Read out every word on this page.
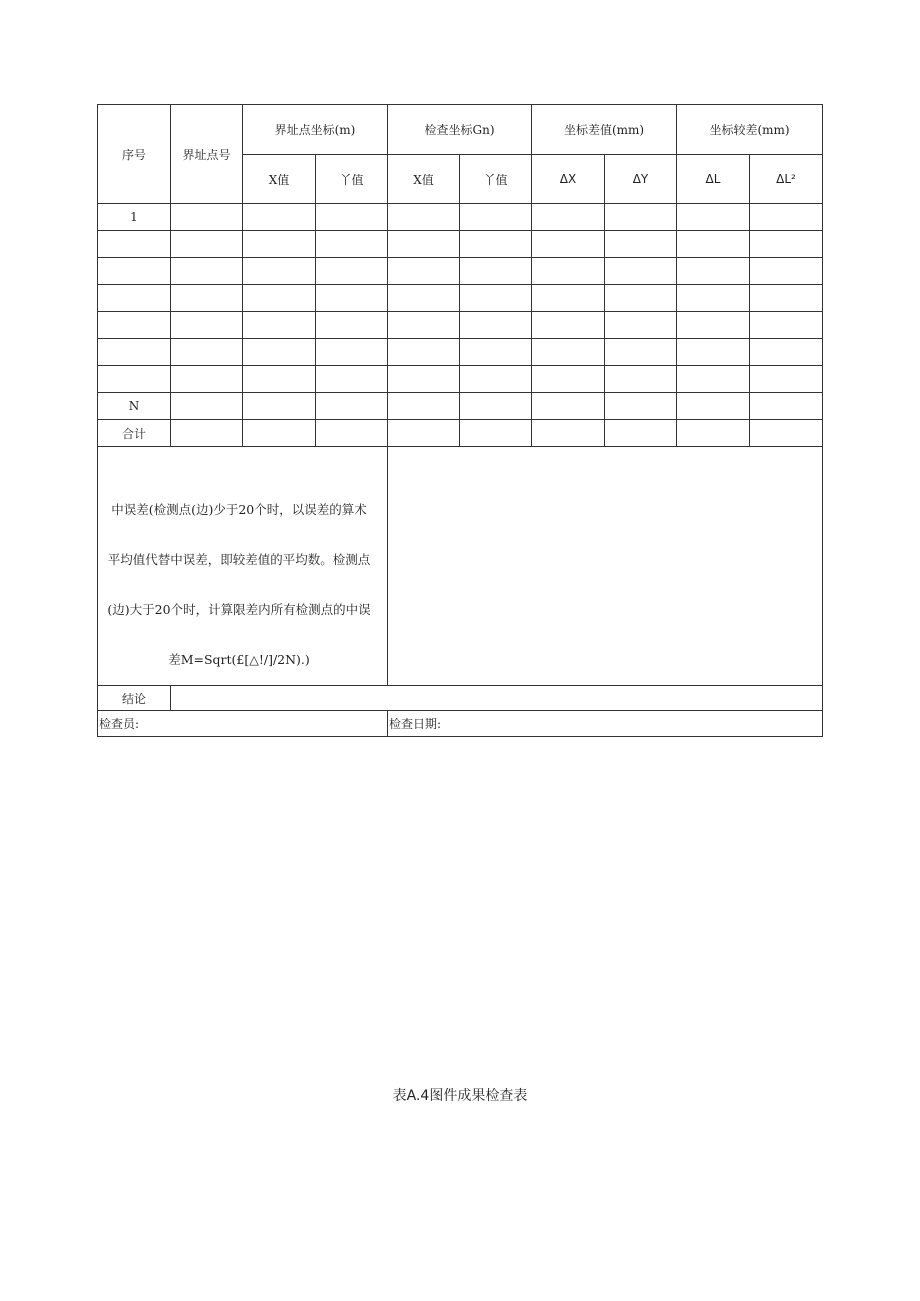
序号	界址点号	界址点坐标(m)		检查坐标Gn)		坐标差值(mm)		坐标较差(mm)	
		X值	丫值	X值	丫值	ΔX	ΔY	ΔL	ΔL²
1									

N									
合计									

中误差(检测点(边)少于20个时，以误差的算术
平均值代替中误差，即较差值的平均数。检测点
(边)大于20个时，计算限差内所有检测点的中误
差M=Sqrt(£[△!/]/2N).)									

结论									
检查员:				检查日期:					
表A.4图件成果检查表
